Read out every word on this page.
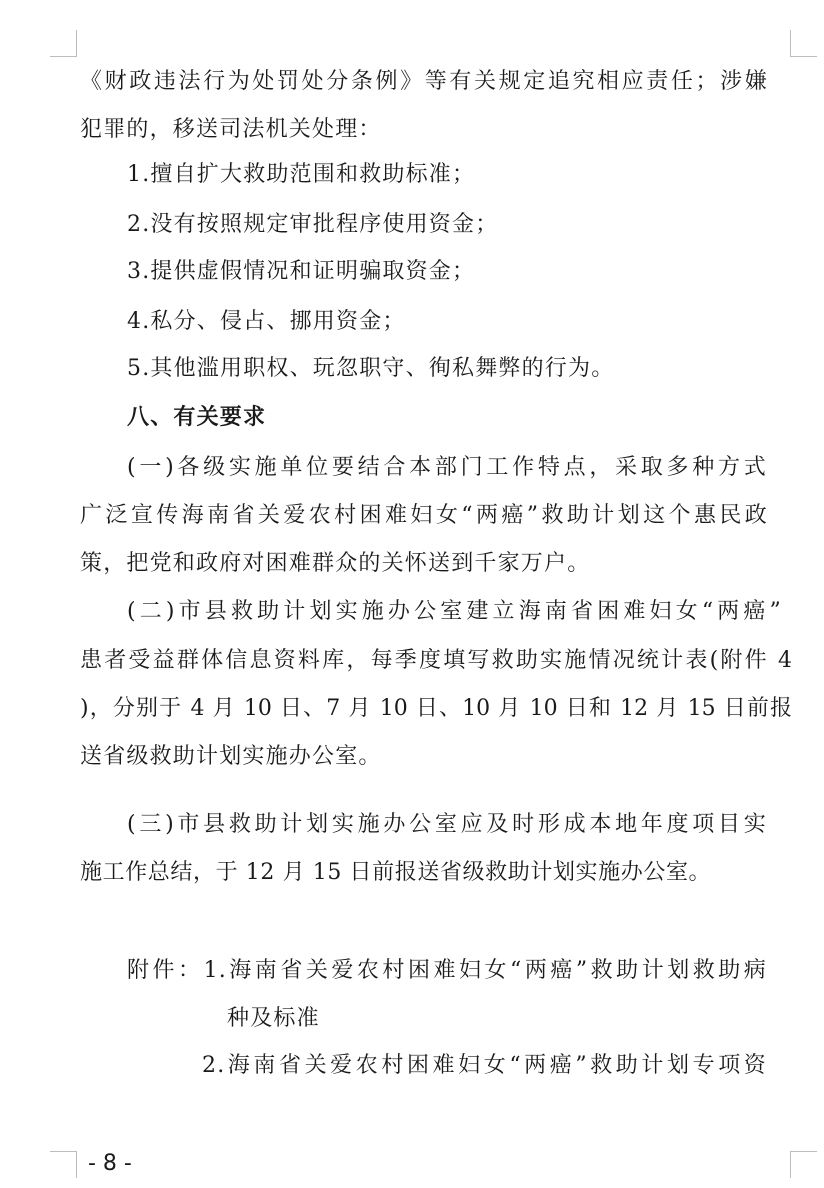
《财政违法行为处罚处分条例》等有关规定追究相应责任；涉嫌
犯罪的，移送司法机关处理：
1.擅自扩大救助范围和救助标准；
2.没有按照规定审批程序使用资金；
3.提供虚假情况和证明骗取资金；
4.私分、侵占、挪用资金；
5.其他滥用职权、玩忽职守、徇私舞弊的行为。
八、有关要求
(一)各级实施单位要结合本部门工作特点，采取多种方式
广泛宣传海南省关爱农村困难妇女“两癌”救助计划这个惠民政
策，把党和政府对困难群众的关怀送到千家万户。
(二)市县救助计划实施办公室建立海南省困难妇女“两癌”
患者受益群体信息资料库，每季度填写救助实施情况统计表(附件 4
)，分别于 4 月 10 日、7 月 10 日、10 月 10 日和 12 月 15 日前报
送省级救助计划实施办公室。
(三)市县救助计划实施办公室应及时形成本地年度项目实
施工作总结，于 12 月 15 日前报送省级救助计划实施办公室。
附件：1.海南省关爱农村困难妇女“两癌”救助计划救助病
种及标准
2.海南省关爱农村困难妇女“两癌”救助计划专项资
- 8 -
